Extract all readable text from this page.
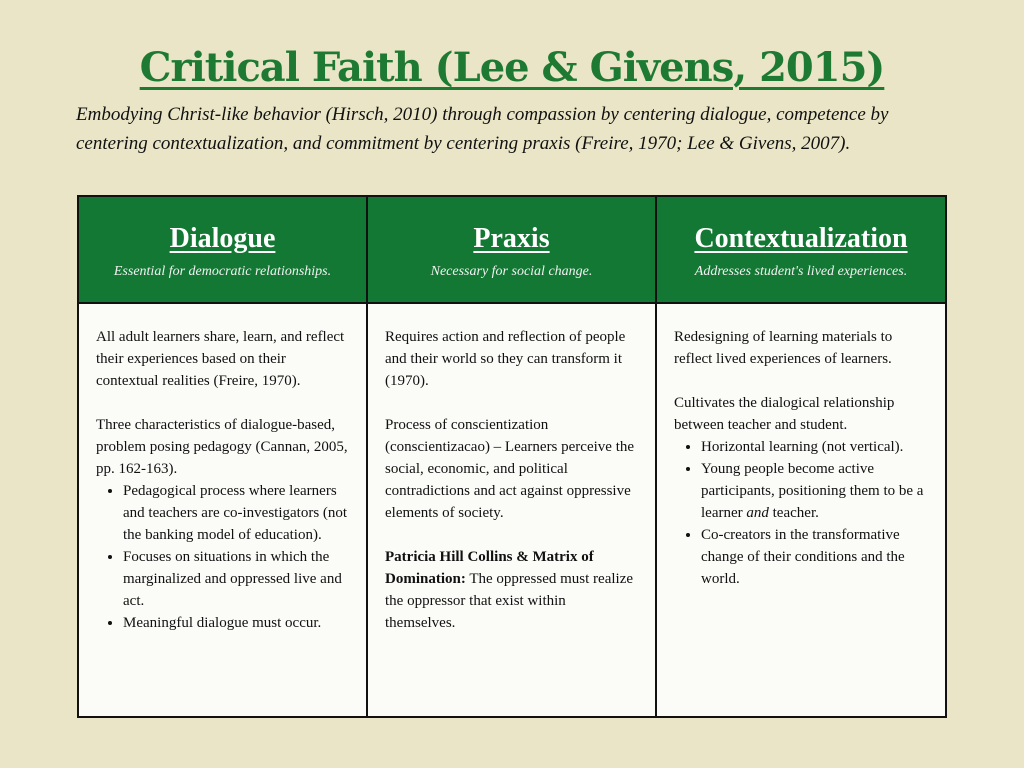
Critical Faith (Lee & Givens, 2015)
Embodying Christ-like behavior (Hirsch, 2010) through compassion by centering dialogue, competence by centering contextualization, and commitment by centering praxis (Freire, 1970; Lee & Givens, 2007).
Dialogue
Essential for democratic relationships.
Praxis
Necessary for social change.
Contextualization
Addresses student's lived experiences.

All adult learners share, learn, and reflect their experiences based on their contextual realities (Freire, 1970).

Three characteristics of dialogue-based, problem posing pedagogy (Cannan, 2005, pp. 162-163).

• Pedagogical process where learners and teachers are co-investigators (not the banking model of education).
• Focuses on situations in which the marginalized and oppressed live and act.
• Meaningful dialogue must occur.

Requires action and reflection of people and their world so they can transform it (1970).

Process of conscientization (conscientizacao) – Learners perceive the social, economic, and political contradictions and act against oppressive elements of society.

Patricia Hill Collins & Matrix of Domination: The oppressed must realize the oppressor that exist within themselves.

Redesigning of learning materials to reflect lived experiences of learners.

Cultivates the dialogical relationship between teacher and student.

• Horizontal learning (not vertical).
• Young people become active participants, positioning them to be a learner and teacher.
• Co-creators in the transformative change of their conditions and the world.
